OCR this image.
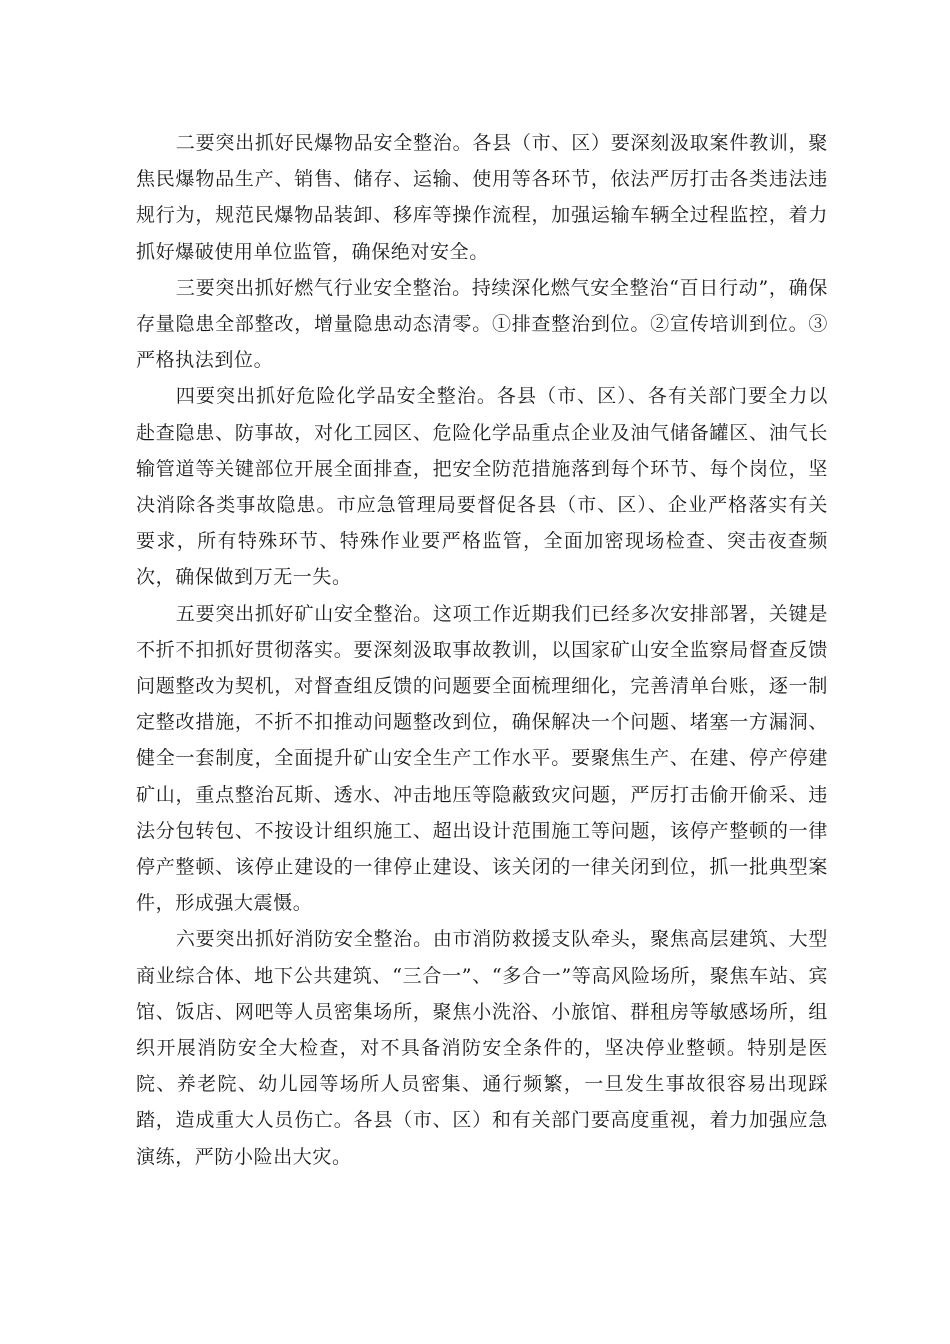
二要突出抓好民爆物品安全整治。各县（市、区）要深刻汲取案件教训，聚焦民爆物品生产、销售、储存、运输、使用等各环节，依法严厉打击各类违法违规行为，规范民爆物品装卸、移库等操作流程，加强运输车辆全过程监控，着力抓好爆破使用单位监管，确保绝对安全。

三要突出抓好燃气行业安全整治。持续深化燃气安全整治“百日行动”，确保存量隐患全部整改，增量隐患动态清零。①排查整治到位。②宣传培训到位。③严格执法到位。

四要突出抓好危险化学品安全整治。各县（市、区）、各有关部门要全力以赴查隐患、防事故，对化工园区、危险化学品重点企业及油气储备罐区、油气长输管道等关键部位开展全面排查，把安全防范措施落到每个环节、每个岗位，坚决消除各类事故隐患。市应急管理局要督促各县（市、区）、企业严格落实有关要求，所有特殊环节、特殊作业要严格监管，全面加密现场检查、突击夜查频次，确保做到万无一失。

五要突出抓好矿山安全整治。这项工作近期我们已经多次安排部署，关键是不折不扣抓好贯彻落实。要深刻汲取事故教训，以国家矿山安全监察局督查反馈问题整改为契机，对督查组反馈的问题要全面梳理细化，完善清单台账，逐一制定整改措施，不折不扣推动问题整改到位，确保解决一个问题、堵塞一方漏洞、健全一套制度，全面提升矿山安全生产工作水平。要聚焦生产、在建、停产停建矿山，重点整治瓦斯、透水、冲击地压等隐蔽致灾问题，严厉打击偷开偷采、违法分包转包、不按设计组织施工、超出设计范围施工等问题，该停产整顿的一律停产整顿、该停止建设的一律停止建设、该关闭的一律关闭到位，抓一批典型案件，形成强大震慑。

六要突出抓好消防安全整治。由市消防救援支队牵头，聚焦高层建筑、大型商业综合体、地下公共建筑、“三合一”、“多合一”等高风险场所，聚焦车站、宾馆、饭店、网吧等人员密集场所，聚焦小洗浴、小旅馆、群租房等敏感场所，组织开展消防安全大检查，对不具备消防安全条件的，坚决停业整顿。特别是医院、养老院、幼儿园等场所人员密集、通行频繁，一旦发生事故很容易出现踩踏，造成重大人员伤亡。各县（市、区）和有关部门要高度重视，着力加强应急演练，严防小险出大灾。
